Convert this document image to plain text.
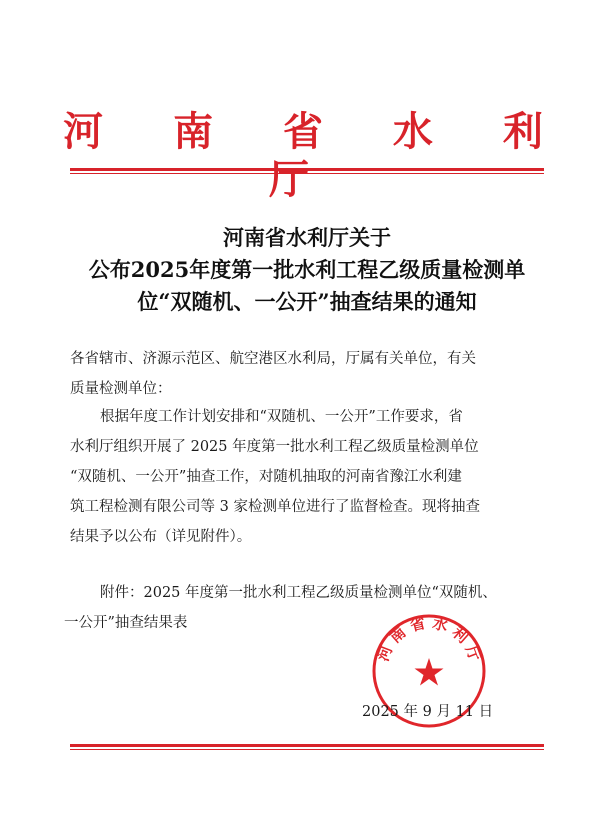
河 南 省 水 利 厅
河南省水利厅关于
公布2025年度第一批水利工程乙级质量检测单
位“双随机、一公开”抽查结果的通知
各省辖市、济源示范区、航空港区水利局，厅属有关单位，有关
质量检测单位：
根据年度工作计划安排和“双随机、一公开”工作要求，省
水利厅组织开展了 2025 年度第一批水利工程乙级质量检测单位
“双随机、一公开”抽查工作，对随机抽取的河南省豫江水利建
筑工程检测有限公司等 3 家检测单位进行了监督检查。现将抽查
结果予以公布（详见附件）。
附件：2025 年度第一批水利工程乙级质量检测单位“双随机、
一公开”抽查结果表
河 南 省 水 利 厅
2025 年 9 月 11 日
